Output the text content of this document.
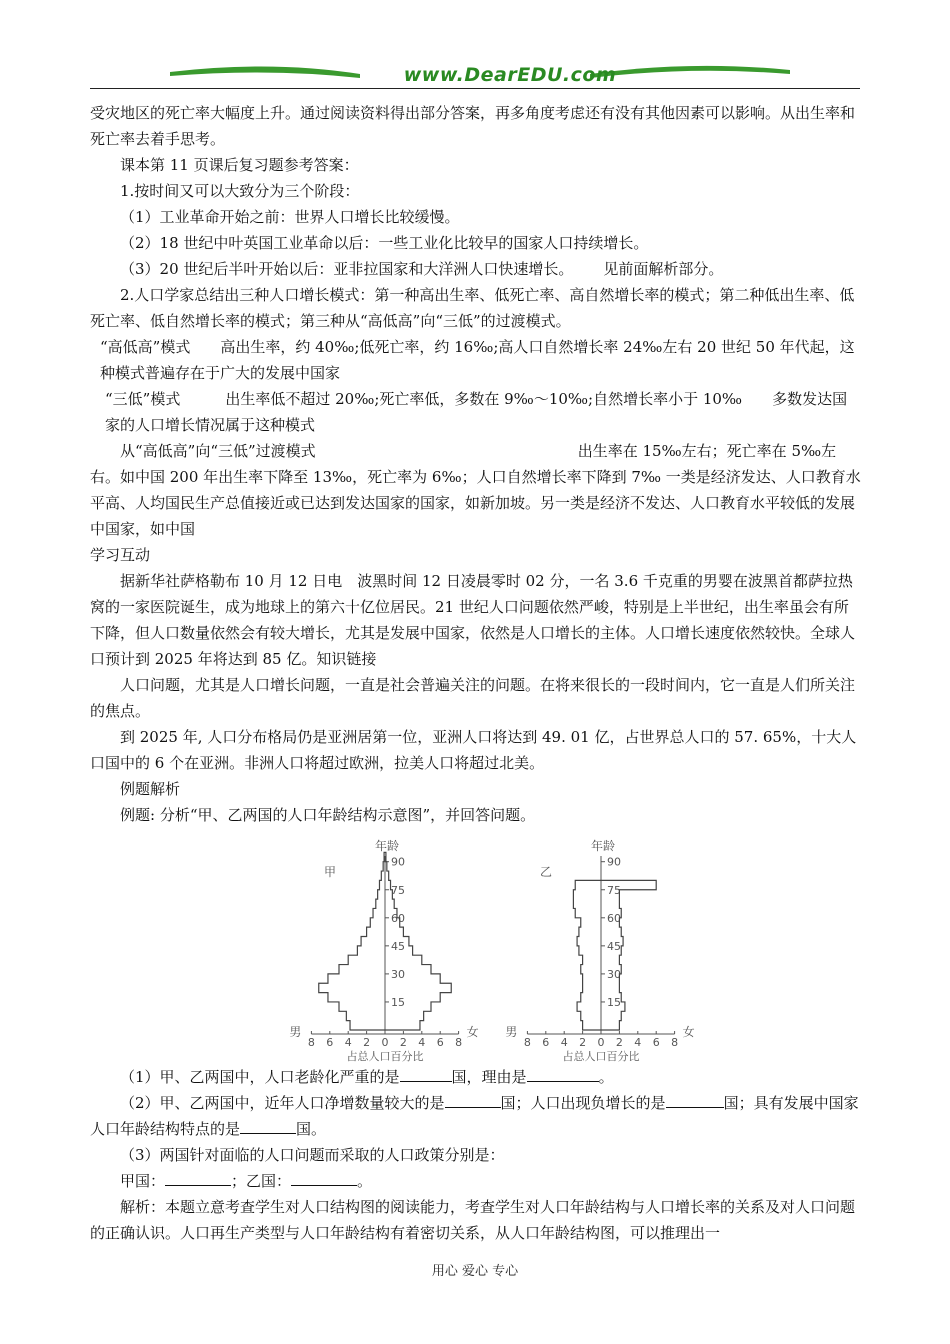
www.DearEDU.com

受灾地区的死亡率大幅度上升。通过阅读资料得出部分答案，再多角度考虑还有没有其他因素可以影响。从出生率和死亡率去着手思考。

课本第 11 页课后复习题参考答案：

1.按时间又可以大致分为三个阶段：

（1）工业革命开始之前：世界人口增长比较缓慢。

（2）18 世纪中叶英国工业革命以后：一些工业化比较早的国家人口持续增长。

（3）20 世纪后半叶开始以后：亚非拉国家和大洋洲人口快速增长。 见前面解析部分。

2.人口学家总结出三种人口增长模式：第一种高出生率、低死亡率、高自然增长率的模式；第二种低出生率、低死亡率、低自然增长率的模式；第三种从“高低高”向“三低”的过渡模式。

“高低高”模式　　高出生率，约 40‰;低死亡率，约 16‰;高人口自然增长率 24‰左右 20 世纪 50 年代起，这种模式普遍存在于广大的发展中国家

“三低”模式　　　出生率低不超过 20‰;死亡率低，多数在 9‰～10‰;自然增长率小于 10‰　　多数发达国家的人口增长情况属于这种模式

从“高低高”向“三低”过渡模式	出生率在 15‰左右；死亡率在 5‰左右。如中国 200 年出生率下降至 13‰，死亡率为 6‰；人口自然增长率下降到 7‰ 一类是经济发达、人口教育水平高、人均国民生产总值接近或已达到发达国家的国家，如新加坡。另一类是经济不发达、人口教育水平较低的发展中国家，如中国

学习互动

据新华社萨格勒布 10 月 12 日电　波黑时间 12 日凌晨零时 02 分，一名 3.6 千克重的男婴在波黑首都萨拉热窝的一家医院诞生，成为地球上的第六十亿位居民。21 世纪人口问题依然严峻，特别是上半世纪，出生率虽会有所下降，但人口数量依然会有较大增长，尤其是发展中国家，依然是人口增长的主体。人口增长速度依然较快。全球人口预计到 2025 年将达到 85 亿。知识链接

人口问题，尤其是人口增长问题，一直是社会普遍关注的问题。在将来很长的一段时间内，它一直是人们所关注的焦点。

到 2025 年, 人口分布格局仍是亚洲居第一位，亚洲人口将达到 49. 01 亿，占世界总人口的 57. 65%，十大人口国中的 6 个在亚洲。非洲人口将超过欧洲，拉美人口将超过北美。

例题解析

例题: 分析“甲、乙两国的人口年龄结构示意图”，并回答问题。

甲
年龄
90
75
60
45
30
15
8 6 4 2 0 2 4 6 8
男	女
占总人口百分比
乙
年龄
90
75
60
45
30
15
8 6 4 2 0 2 4 6 8
男	女
占总人口百分比

（1）甲、乙两国中，人口老龄化严重的是	国，理由是	。

（2）甲、乙两国中，近年人口净增数量较大的是	国；人口出现负增长的是	国；具有发展中国家人口年龄结构特点的是	国。

（3）两国针对面临的人口问题而采取的人口政策分别是：

甲国：	；乙国：	。

解析：本题立意考查学生对人口结构图的阅读能力，考查学生对人口年龄结构与人口增长率的关系及对人口问题的正确认识。人口再生产类型与人口年龄结构有着密切关系，从人口年龄结构图，可以推理出一

用心 爱心 专心
